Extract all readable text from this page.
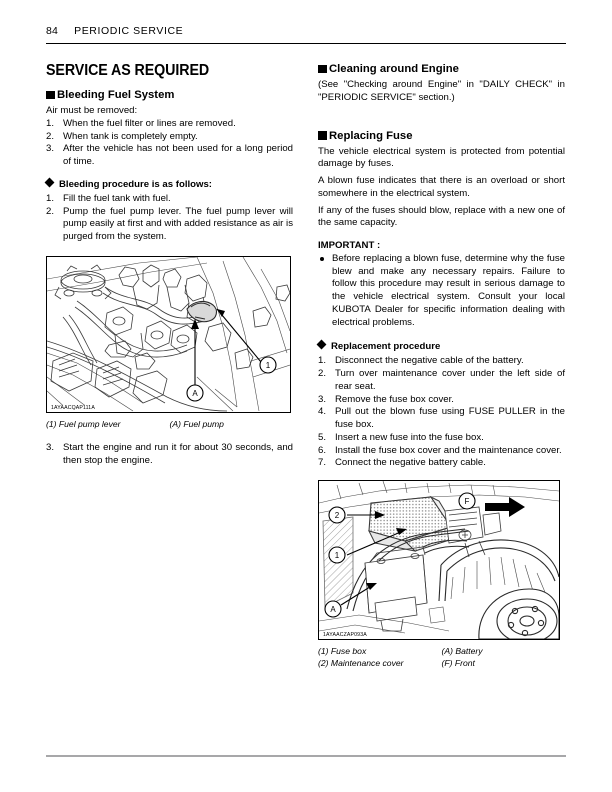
84 PERIODIC SERVICE
SERVICE AS REQUIRED
Bleeding Fuel System

Air must be removed:

1. When the fuel filter or lines are removed.
2. When tank is completely empty.
3. After the vehicle has not been used for a long period of time.
Bleeding procedure is as follows:
1. Fill the fuel tank with fuel.
2. Pump the fuel pump lever. The fuel pump lever will pump easily at first and with added resistance as air is purged from the system.
1
A
1AYAACQAP111A
(1) Fuel pump lever	(A) Fuel pump
3. Start the engine and run it for about 30 seconds, and then stop the engine.
Cleaning around Engine

(See "Checking around Engine" in "DAILY CHECK" in "PERIODIC SERVICE" section.)

Replacing Fuse

The vehicle electrical system is protected from potential damage by fuses.

A blown fuse indicates that there is an overload or short somewhere in the electrical system.

If any of the fuses should blow, replace with a new one of the same capacity.

IMPORTANT :

Before replacing a blown fuse, determine why the fuse blew and make any necessary repairs. Failure to follow this procedure may result in serious damage to the vehicle electrical system. Consult your local KUBOTA Dealer for specific information dealing with electrical problems.
Replacement procedure
1. Disconnect the negative cable of the battery.
2. Turn over maintenance cover under the left side of rear seat.
3. Remove the fuse box cover.
4. Pull out the blown fuse using FUSE PULLER in the fuse box.
5. Insert a new fuse into the fuse box.
6. Install the fuse box cover and the maintenance cover.
7. Connect the negative battery cable.
2
1
A
F
1AYAACZAP093A
(1) Fuse box	(A) Battery
(2) Maintenance cover	(F) Front
